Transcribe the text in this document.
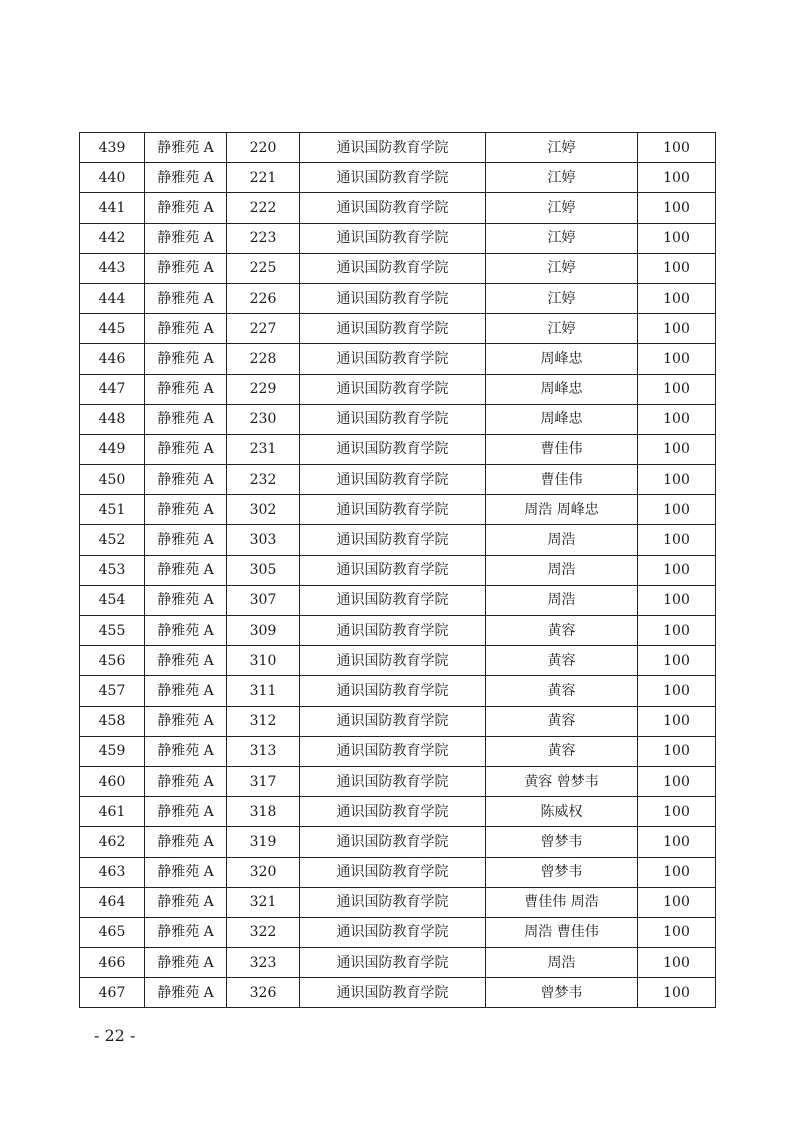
439	静雅苑 A	220	通识国防教育学院	江婷	100
440	静雅苑 A	221	通识国防教育学院	江婷	100
441	静雅苑 A	222	通识国防教育学院	江婷	100
442	静雅苑 A	223	通识国防教育学院	江婷	100
443	静雅苑 A	225	通识国防教育学院	江婷	100
444	静雅苑 A	226	通识国防教育学院	江婷	100
445	静雅苑 A	227	通识国防教育学院	江婷	100
446	静雅苑 A	228	通识国防教育学院	周峰忠	100
447	静雅苑 A	229	通识国防教育学院	周峰忠	100
448	静雅苑 A	230	通识国防教育学院	周峰忠	100
449	静雅苑 A	231	通识国防教育学院	曹佳伟	100
450	静雅苑 A	232	通识国防教育学院	曹佳伟	100
451	静雅苑 A	302	通识国防教育学院	周浩 周峰忠	100
452	静雅苑 A	303	通识国防教育学院	周浩	100
453	静雅苑 A	305	通识国防教育学院	周浩	100
454	静雅苑 A	307	通识国防教育学院	周浩	100
455	静雅苑 A	309	通识国防教育学院	黄容	100
456	静雅苑 A	310	通识国防教育学院	黄容	100
457	静雅苑 A	311	通识国防教育学院	黄容	100
458	静雅苑 A	312	通识国防教育学院	黄容	100
459	静雅苑 A	313	通识国防教育学院	黄容	100
460	静雅苑 A	317	通识国防教育学院	黄容 曾梦韦	100
461	静雅苑 A	318	通识国防教育学院	陈威权	100
462	静雅苑 A	319	通识国防教育学院	曾梦韦	100
463	静雅苑 A	320	通识国防教育学院	曾梦韦	100
464	静雅苑 A	321	通识国防教育学院	曹佳伟 周浩	100
465	静雅苑 A	322	通识国防教育学院	周浩 曹佳伟	100
466	静雅苑 A	323	通识国防教育学院	周浩	100
467	静雅苑 A	326	通识国防教育学院	曾梦韦	100
- 22 -
